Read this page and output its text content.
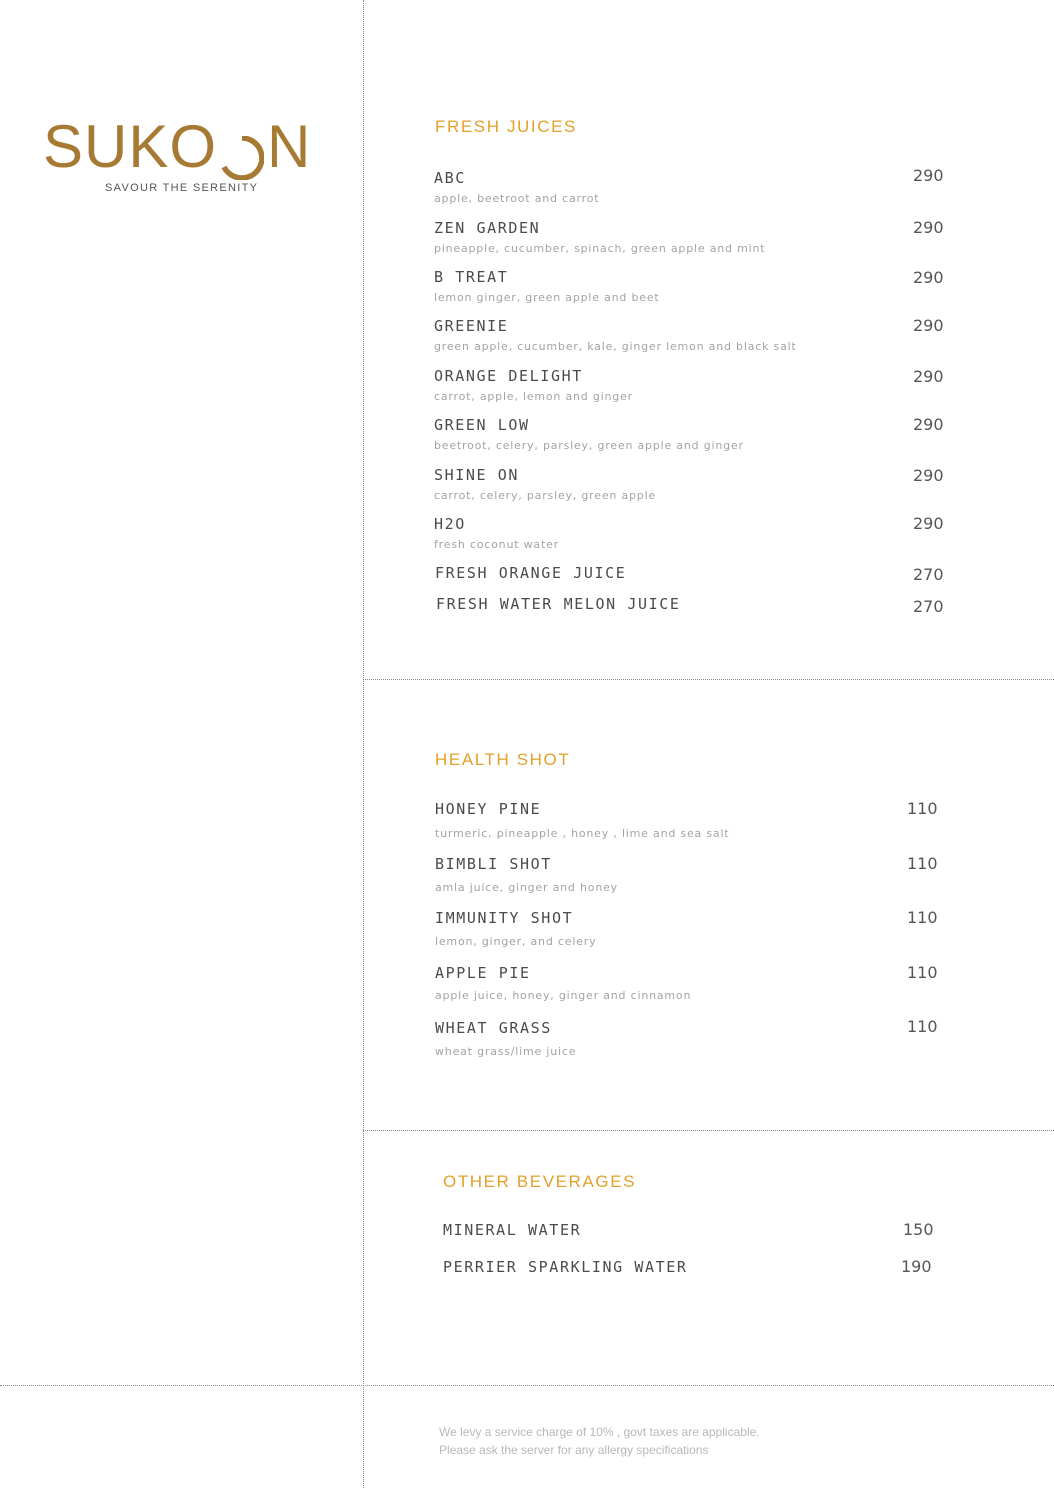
SUKO N
SAVOUR THE SERENITY
FRESH JUICES
ABC
apple, beetroot and carrot
290
ZEN GARDEN
pineapple, cucumber, spinach, green apple and mint
290
B TREAT
lemon ginger, green apple and beet
290
GREENIE
green apple, cucumber, kale, ginger lemon and black salt
290
ORANGE DELIGHT
carrot, apple, lemon and ginger
290
GREEN LOW
beetroot, celery, parsley, green apple and ginger
290
SHINE ON
carrot, celery, parsley, green apple
290
H2O
fresh coconut water
290
FRESH ORANGE JUICE	270
FRESH WATER MELON JUICE	270
HEALTH SHOT
HONEY PINE
turmeric, pineapple , honey , lime and sea salt
110
BIMBLI SHOT
amla juice, ginger and honey
110
IMMUNITY SHOT
lemon, ginger, and celery
110
APPLE PIE
apple juice, honey, ginger and cinnamon
110
WHEAT GRASS
wheat grass/lime juice
110
OTHER BEVERAGES
MINERAL WATER	150
PERRIER SPARKLING WATER	190
We levy a service charge of 10% , govt taxes are applicable.
Please ask the server for any allergy specifications
